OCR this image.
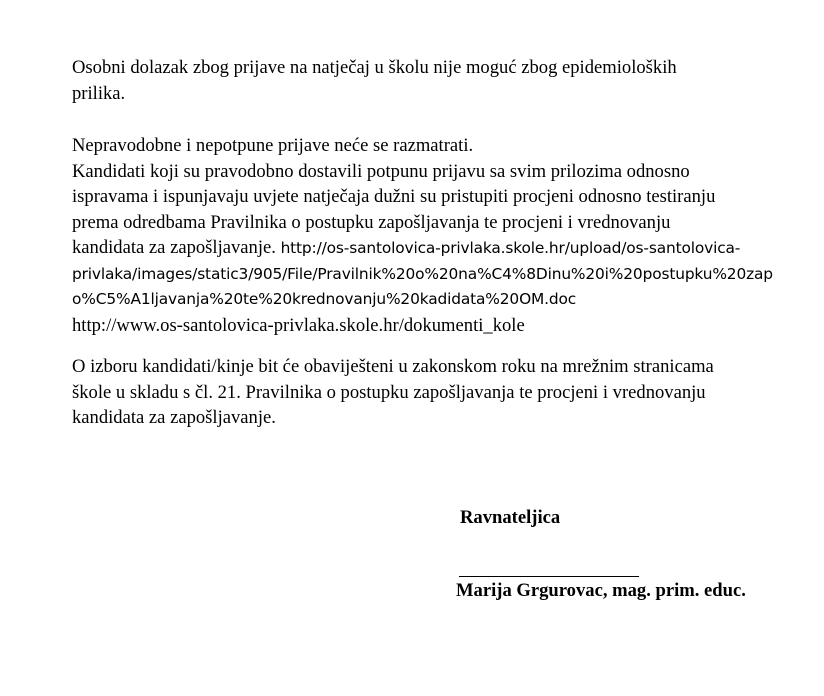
Osobni dolazak zbog prijave na natječaj u školu nije moguć zbog epidemioloških
prilika.
Nepravodobne i nepotpune prijave neće se razmatrati.
Kandidati koji su pravodobno dostavili potpunu prijavu sa svim prilozima odnosno
ispravama i ispunjavaju uvjete natječaja dužni su pristupiti procjeni odnosno testiranju
prema odredbama Pravilnika o postupku zapošljavanja te procjeni i vrednovanju
kandidata za zapošljavanje. http://os-santolovica-privlaka.skole.hr/upload/os-santolovica-
privlaka/images/static3/905/File/Pravilnik%20o%20na%C4%8Dinu%20i%20postupku%20zap
o%C5%A1ljavanja%20te%20krednovanju%20kadidata%20OM.doc
http://www.os-santolovica-privlaka.skole.hr/dokumenti_kole
O izboru kandidati/kinje bit će obaviješteni u zakonskom roku na mrežnim stranicama
škole u skladu s čl. 21. Pravilnika o postupku zapošljavanja te procjeni i vrednovanju
kandidata za zapošljavanje.
Ravnateljica
Marija Grgurovac, mag. prim. educ.
